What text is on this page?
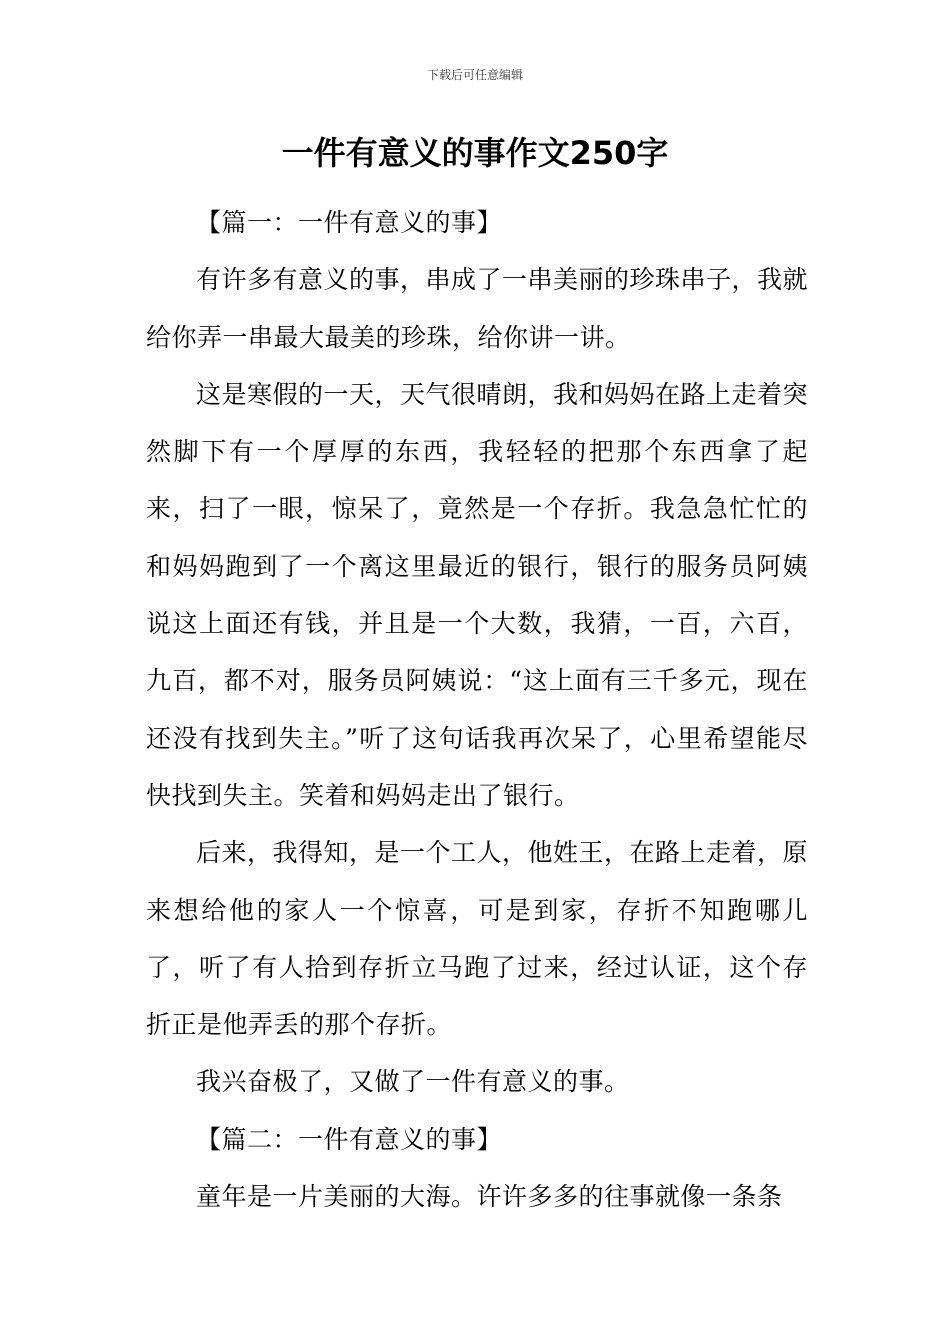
下载后可任意编辑
一件有意义的事作文250字

【篇一：一件有意义的事】

有许多有意义的事，串成了一串美丽的珍珠串子，我就给你弄一串最大最美的珍珠，给你讲一讲。

这是寒假的一天，天气很晴朗，我和妈妈在路上走着突然脚下有一个厚厚的东西，我轻轻的把那个东西拿了起来，扫了一眼，惊呆了，竟然是一个存折。我急急忙忙的和妈妈跑到了一个离这里最近的银行，银行的服务员阿姨说这上面还有钱，并且是一个大数，我猜，一百，六百，九百，都不对，服务员阿姨说：“这上面有三千多元，现在还没有找到失主。”听了这句话我再次呆了，心里希望能尽快找到失主。笑着和妈妈走出了银行。

后来，我得知，是一个工人，他姓王，在路上走着，原来想给他的家人一个惊喜，可是到家，存折不知跑哪儿了，听了有人拾到存折立马跑了过来，经过认证，这个存折正是他弄丢的那个存折。

我兴奋极了，又做了一件有意义的事。

【篇二：一件有意义的事】

童年是一片美丽的大海。许许多多的往事就像一条条
